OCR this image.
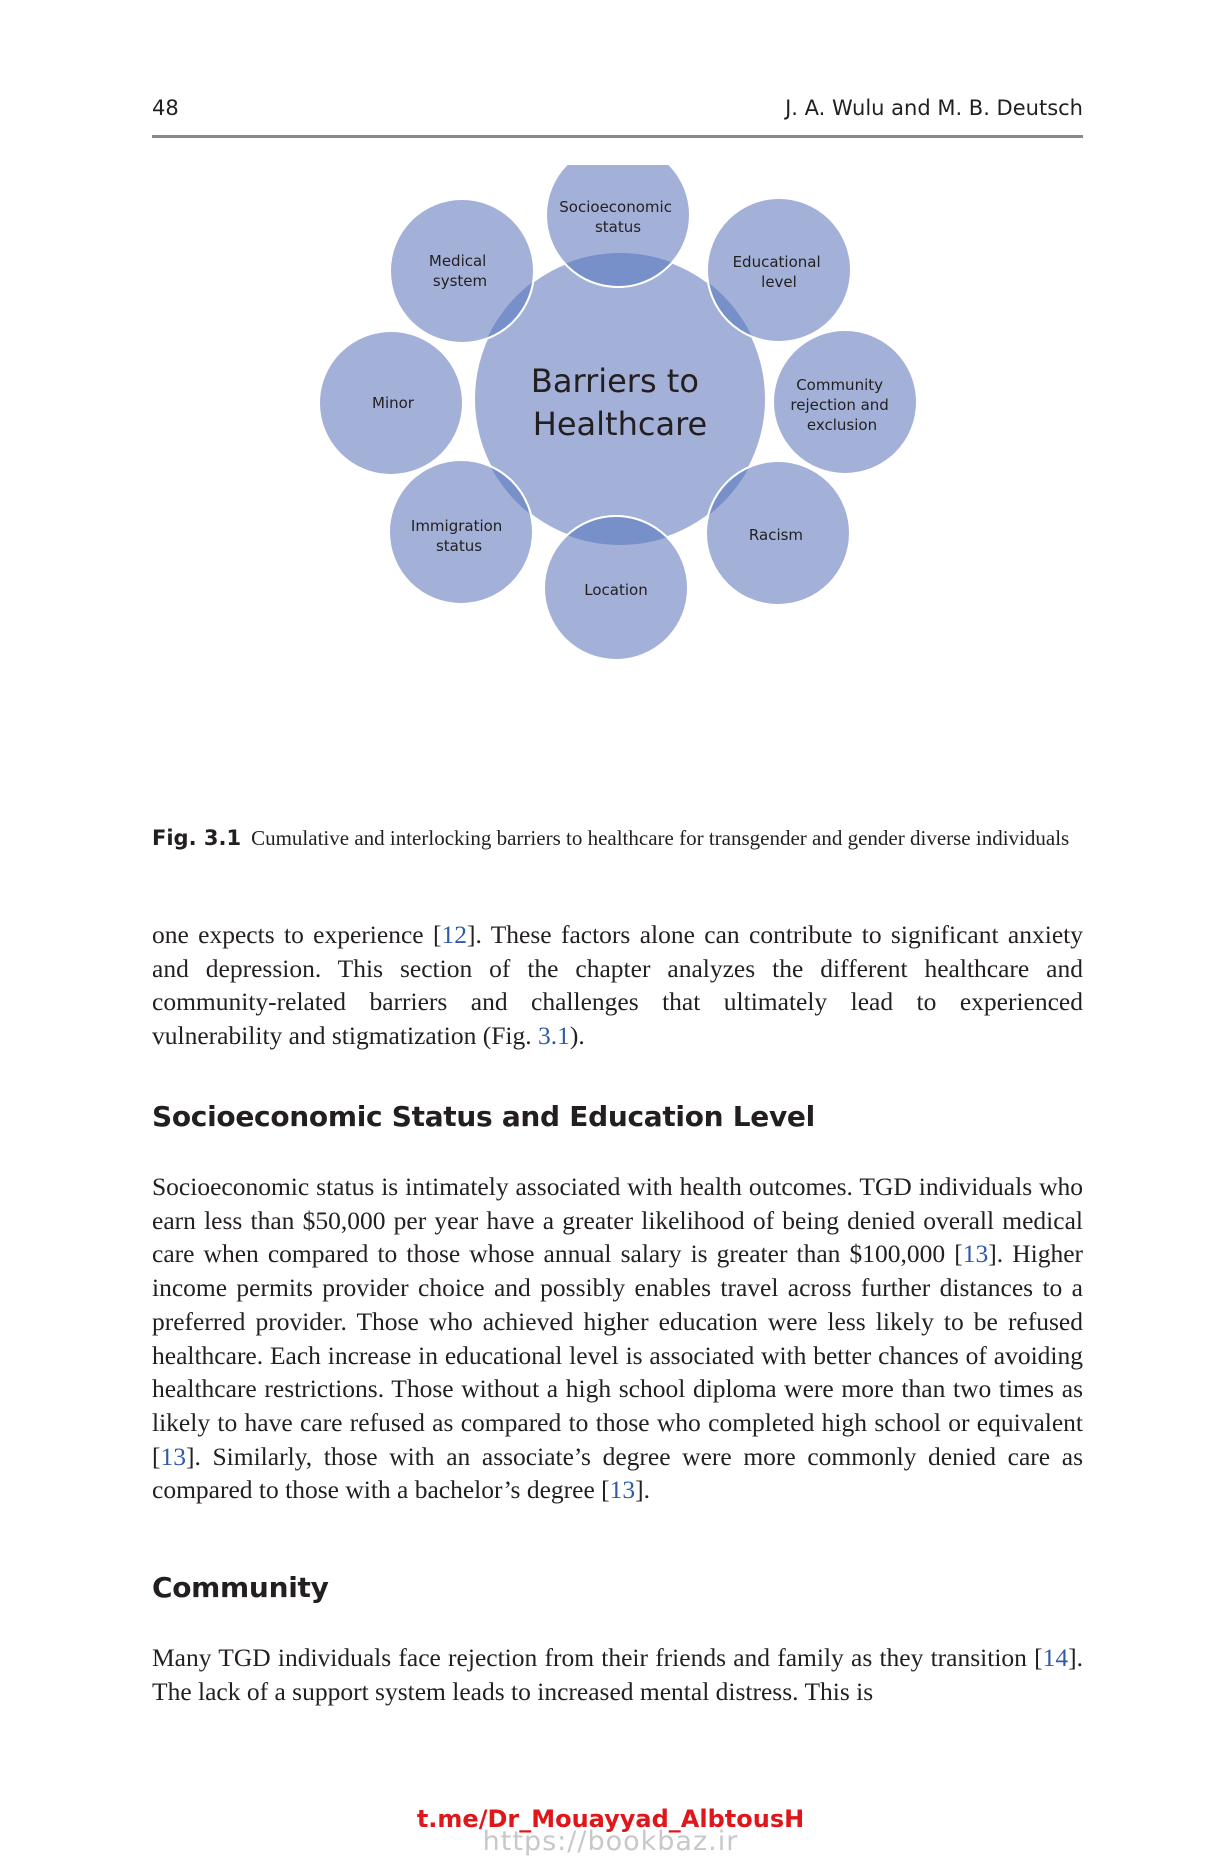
48	J. A. Wulu and M. B. Deutsch
Barriers to Healthcare
Socioeconomic status
Educational level
Community rejection and exclusion
Racism
Location
Immigration status
Minor
Medical system
Fig. 3.1 Cumulative and interlocking barriers to healthcare for transgender and gender diverse individuals
one expects to experience [12]. These factors alone can contribute to significant anxiety and depression. This section of the chapter analyzes the different healthcare and community-related barriers and challenges that ultimately lead to experienced vulnerability and stigmatization (Fig. 3.1).
Socioeconomic Status and Education Level
Socioeconomic status is intimately associated with health outcomes. TGD individuals who earn less than $50,000 per year have a greater likelihood of being denied overall medical care when compared to those whose annual salary is greater than $100,000 [13]. Higher income permits provider choice and possibly enables travel across further distances to a preferred provider. Those who achieved higher education were less likely to be refused healthcare. Each increase in educational level is associated with better chances of avoiding healthcare restrictions. Those without a high school diploma were more than two times as likely to have care refused as compared to those who completed high school or equivalent [13]. Similarly, those with an associate’s degree were more commonly denied care as compared to those with a bachelor’s degree [13].
Community
Many TGD individuals face rejection from their friends and family as they transition [14]. The lack of a support system leads to increased mental distress. This is
t.me/Dr_Mouayyad_AlbtousH
https://bookbaz.ir
